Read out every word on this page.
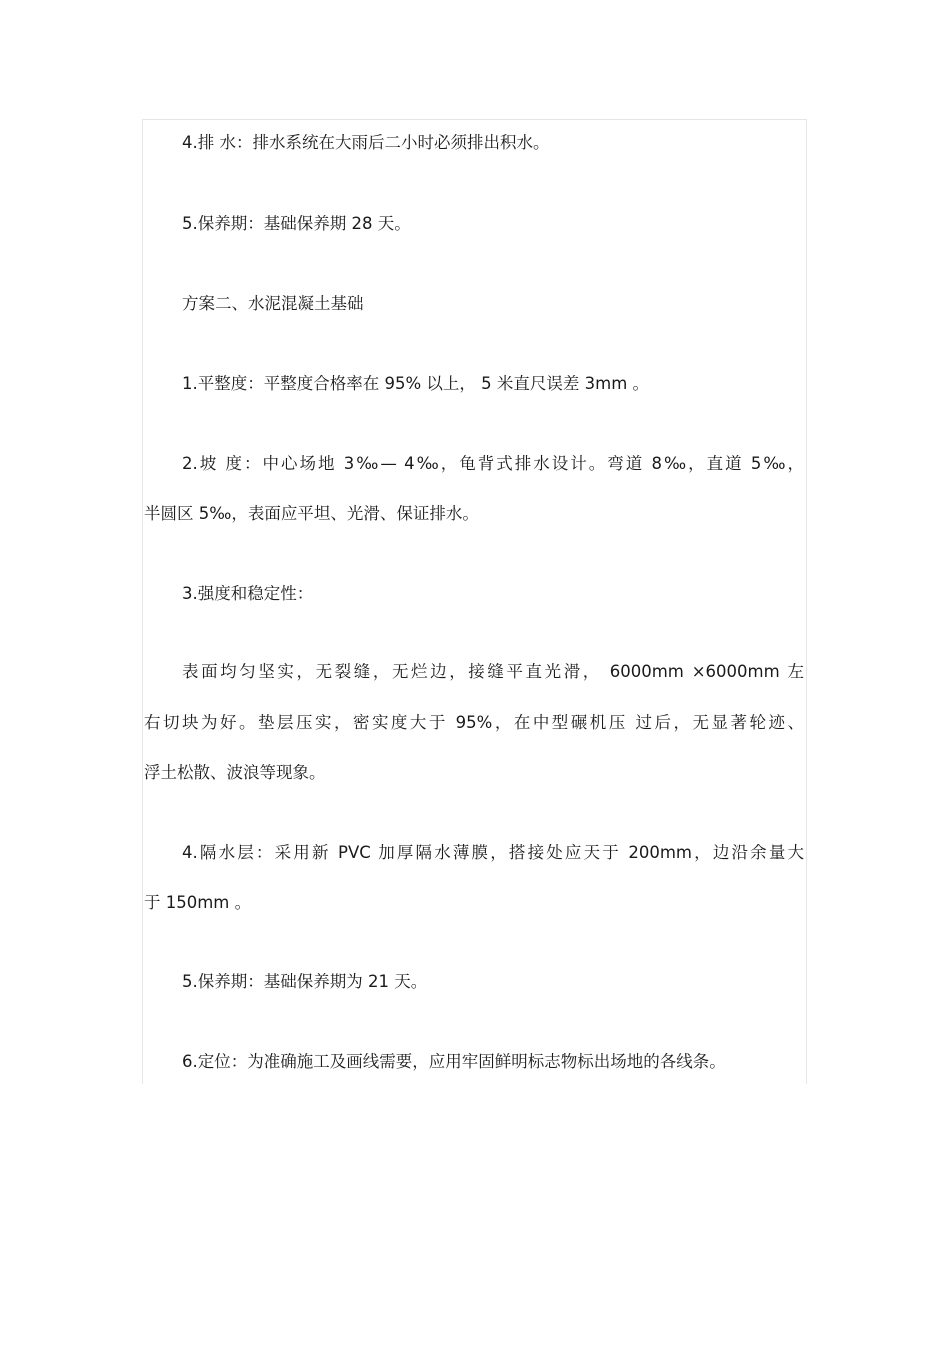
4.排 水：排水系统在大雨后二小时必须排出积水。
5.保养期：基础保养期 28 天。
方案二、水泥混凝土基础
1.平整度：平整度合格率在 95% 以上， 5 米直尺误差 3mm 。
2.坡 度：中心场地 3‰— 4‰，龟背式排水设计。弯道 8‰，直道 5‰，
半圆区 5‰，表面应平坦、光滑、保证排水。
3.强度和稳定性：
表面均匀坚实，无裂缝，无烂边，接缝平直光滑， 6000mm ×6000mm 左
右切块为好。垫层压实，密实度大于 95%，在中型碾机压 过后，无显著轮迹、
浮土松散、波浪等现象。
4.隔水层：采用新 PVC 加厚隔水薄膜，搭接处应天于 200mm，边沿余量大
于 150mm 。
5.保养期：基础保养期为 21 天。
6.定位：为准确施工及画线需要，应用牢固鲜明标志物标出场地的各线条。
